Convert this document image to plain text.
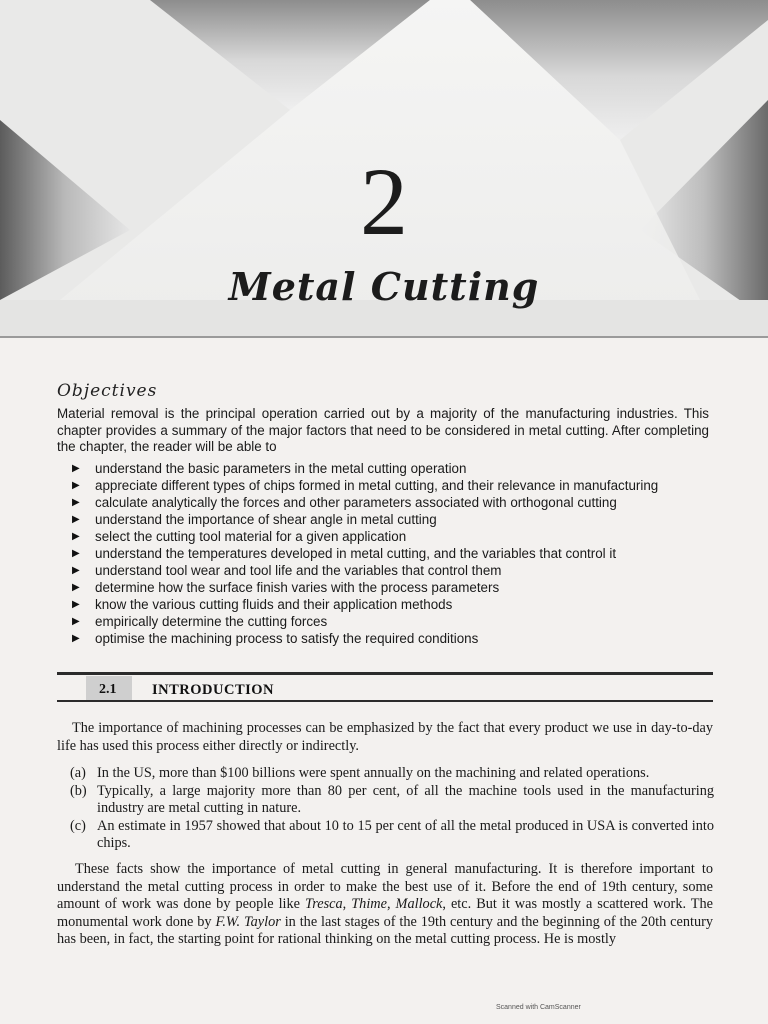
2
Metal Cutting
Objectives
Material removal is the principal operation carried out by a majority of the manufacturing industries. This chapter provides a summary of the major factors that need to be considered in metal cutting. After completing the chapter, the reader will be able to
▶ understand the basic parameters in the metal cutting operation
▶ appreciate different types of chips formed in metal cutting, and their relevance in manufacturing
▶ calculate analytically the forces and other parameters associated with orthogonal cutting
▶ understand the importance of shear angle in metal cutting
▶ select the cutting tool material for a given application
▶ understand the temperatures developed in metal cutting, and the variables that control it
▶ understand tool wear and tool life and the variables that control them
▶ determine how the surface finish varies with the process parameters
▶ know the various cutting fluids and their application methods
▶ empirically determine the cutting forces
▶ optimise the machining process to satisfy the required conditions
2.1 INTRODUCTION
The importance of machining processes can be emphasized by the fact that every product we use in day-to-day life has used this process either directly or indirectly.
(a) In the US, more than $100 billions were spent annually on the machining and related operations.
(b) Typically, a large majority more than 80 per cent, of all the machine tools used in the manufacturing industry are metal cutting in nature.
(c) An estimate in 1957 showed that about 10 to 15 per cent of all the metal produced in USA is converted into chips.
These facts show the importance of metal cutting in general manufacturing. It is therefore important to understand the metal cutting process in order to make the best use of it. Before the end of 19th century, some amount of work was done by people like Tresca, Thime, Mallock, etc. But it was mostly a scattered work. The monumental work done by F.W. Taylor in the last stages of the 19th century and the beginning of the 20th century has been, in fact, the starting point for rational thinking on the metal cutting process. He is mostly
Scanned with CamScanner
